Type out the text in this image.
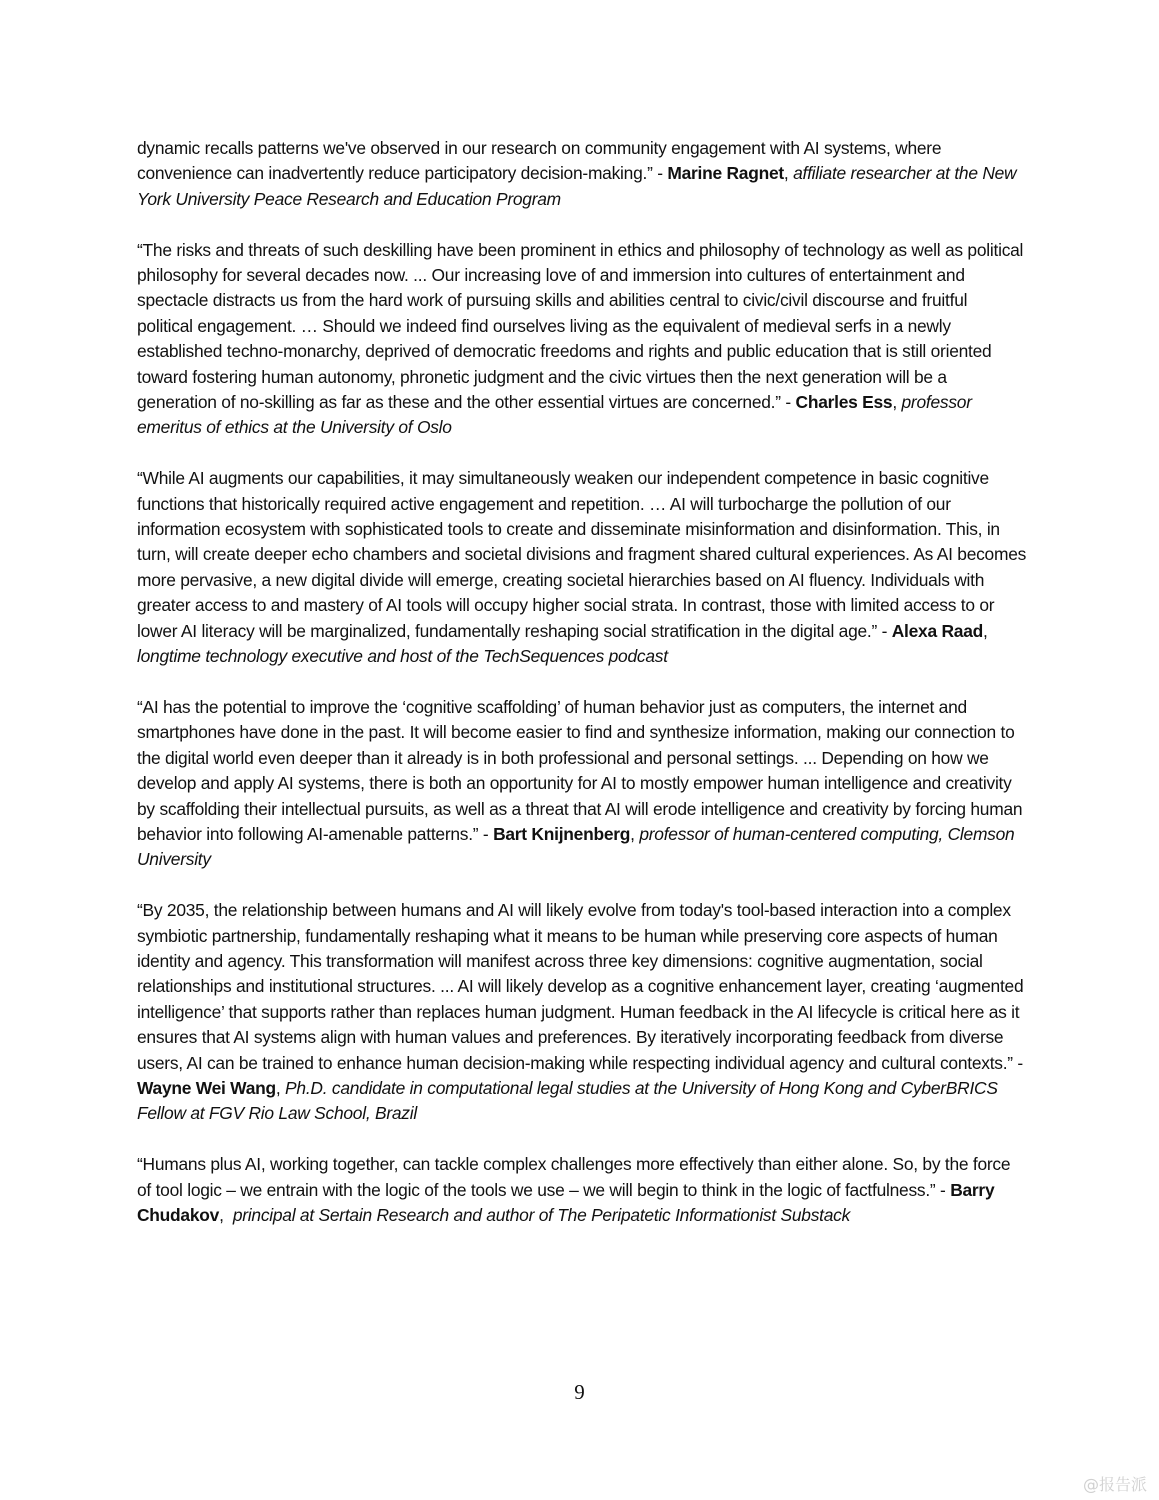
dynamic recalls patterns we've observed in our research on community engagement with AI systems, where convenience can inadvertently reduce participatory decision-making.” - Marine Ragnet, affiliate researcher at the New York University Peace Research and Education Program

“The risks and threats of such deskilling have been prominent in ethics and philosophy of technology as well as political philosophy for several decades now. ... Our increasing love of and immersion into cultures of entertainment and spectacle distracts us from the hard work of pursuing skills and abilities central to civic/civil discourse and fruitful political engagement. … Should we indeed find ourselves living as the equivalent of medieval serfs in a newly established techno-monarchy, deprived of democratic freedoms and rights and public education that is still oriented toward fostering human autonomy, phronetic judgment and the civic virtues then the next generation will be a generation of no-skilling as far as these and the other essential virtues are concerned.” - Charles Ess, professor emeritus of ethics at the University of Oslo

“While AI augments our capabilities, it may simultaneously weaken our independent competence in basic cognitive functions that historically required active engagement and repetition. … AI will turbocharge the pollution of our information ecosystem with sophisticated tools to create and disseminate misinformation and disinformation. This, in turn, will create deeper echo chambers and societal divisions and fragment shared cultural experiences. As AI becomes more pervasive, a new digital divide will emerge, creating societal hierarchies based on AI fluency. Individuals with greater access to and mastery of AI tools will occupy higher social strata. In contrast, those with limited access to or lower AI literacy will be marginalized, fundamentally reshaping social stratification in the digital age.” - Alexa Raad, longtime technology executive and host of the TechSequences podcast

“AI has the potential to improve the ‘cognitive scaffolding’ of human behavior just as computers, the internet and smartphones have done in the past. It will become easier to find and synthesize information, making our connection to the digital world even deeper than it already is in both professional and personal settings. ... Depending on how we develop and apply AI systems, there is both an opportunity for AI to mostly empower human intelligence and creativity by scaffolding their intellectual pursuits, as well as a threat that AI will erode intelligence and creativity by forcing human behavior into following AI-amenable patterns.” - Bart Knijnenberg, professor of human-centered computing, Clemson University

“By 2035, the relationship between humans and AI will likely evolve from today's tool-based interaction into a complex symbiotic partnership, fundamentally reshaping what it means to be human while preserving core aspects of human identity and agency. This transformation will manifest across three key dimensions: cognitive augmentation, social relationships and institutional structures. ... AI will likely develop as a cognitive enhancement layer, creating ‘augmented intelligence’ that supports rather than replaces human judgment. Human feedback in the AI lifecycle is critical here as it ensures that AI systems align with human values and preferences. By iteratively incorporating feedback from diverse users, AI can be trained to enhance human decision-making while respecting individual agency and cultural contexts.” - Wayne Wei Wang, Ph.D. candidate in computational legal studies at the University of Hong Kong and CyberBRICS Fellow at FGV Rio Law School, Brazil

“Humans plus AI, working together, can tackle complex challenges more effectively than either alone. So, by the force of tool logic – we entrain with the logic of the tools we use – we will begin to think in the logic of factfulness.” - Barry Chudakov,  principal at Sertain Research and author of The Peripatetic Informationist Substack

9
@报告派
